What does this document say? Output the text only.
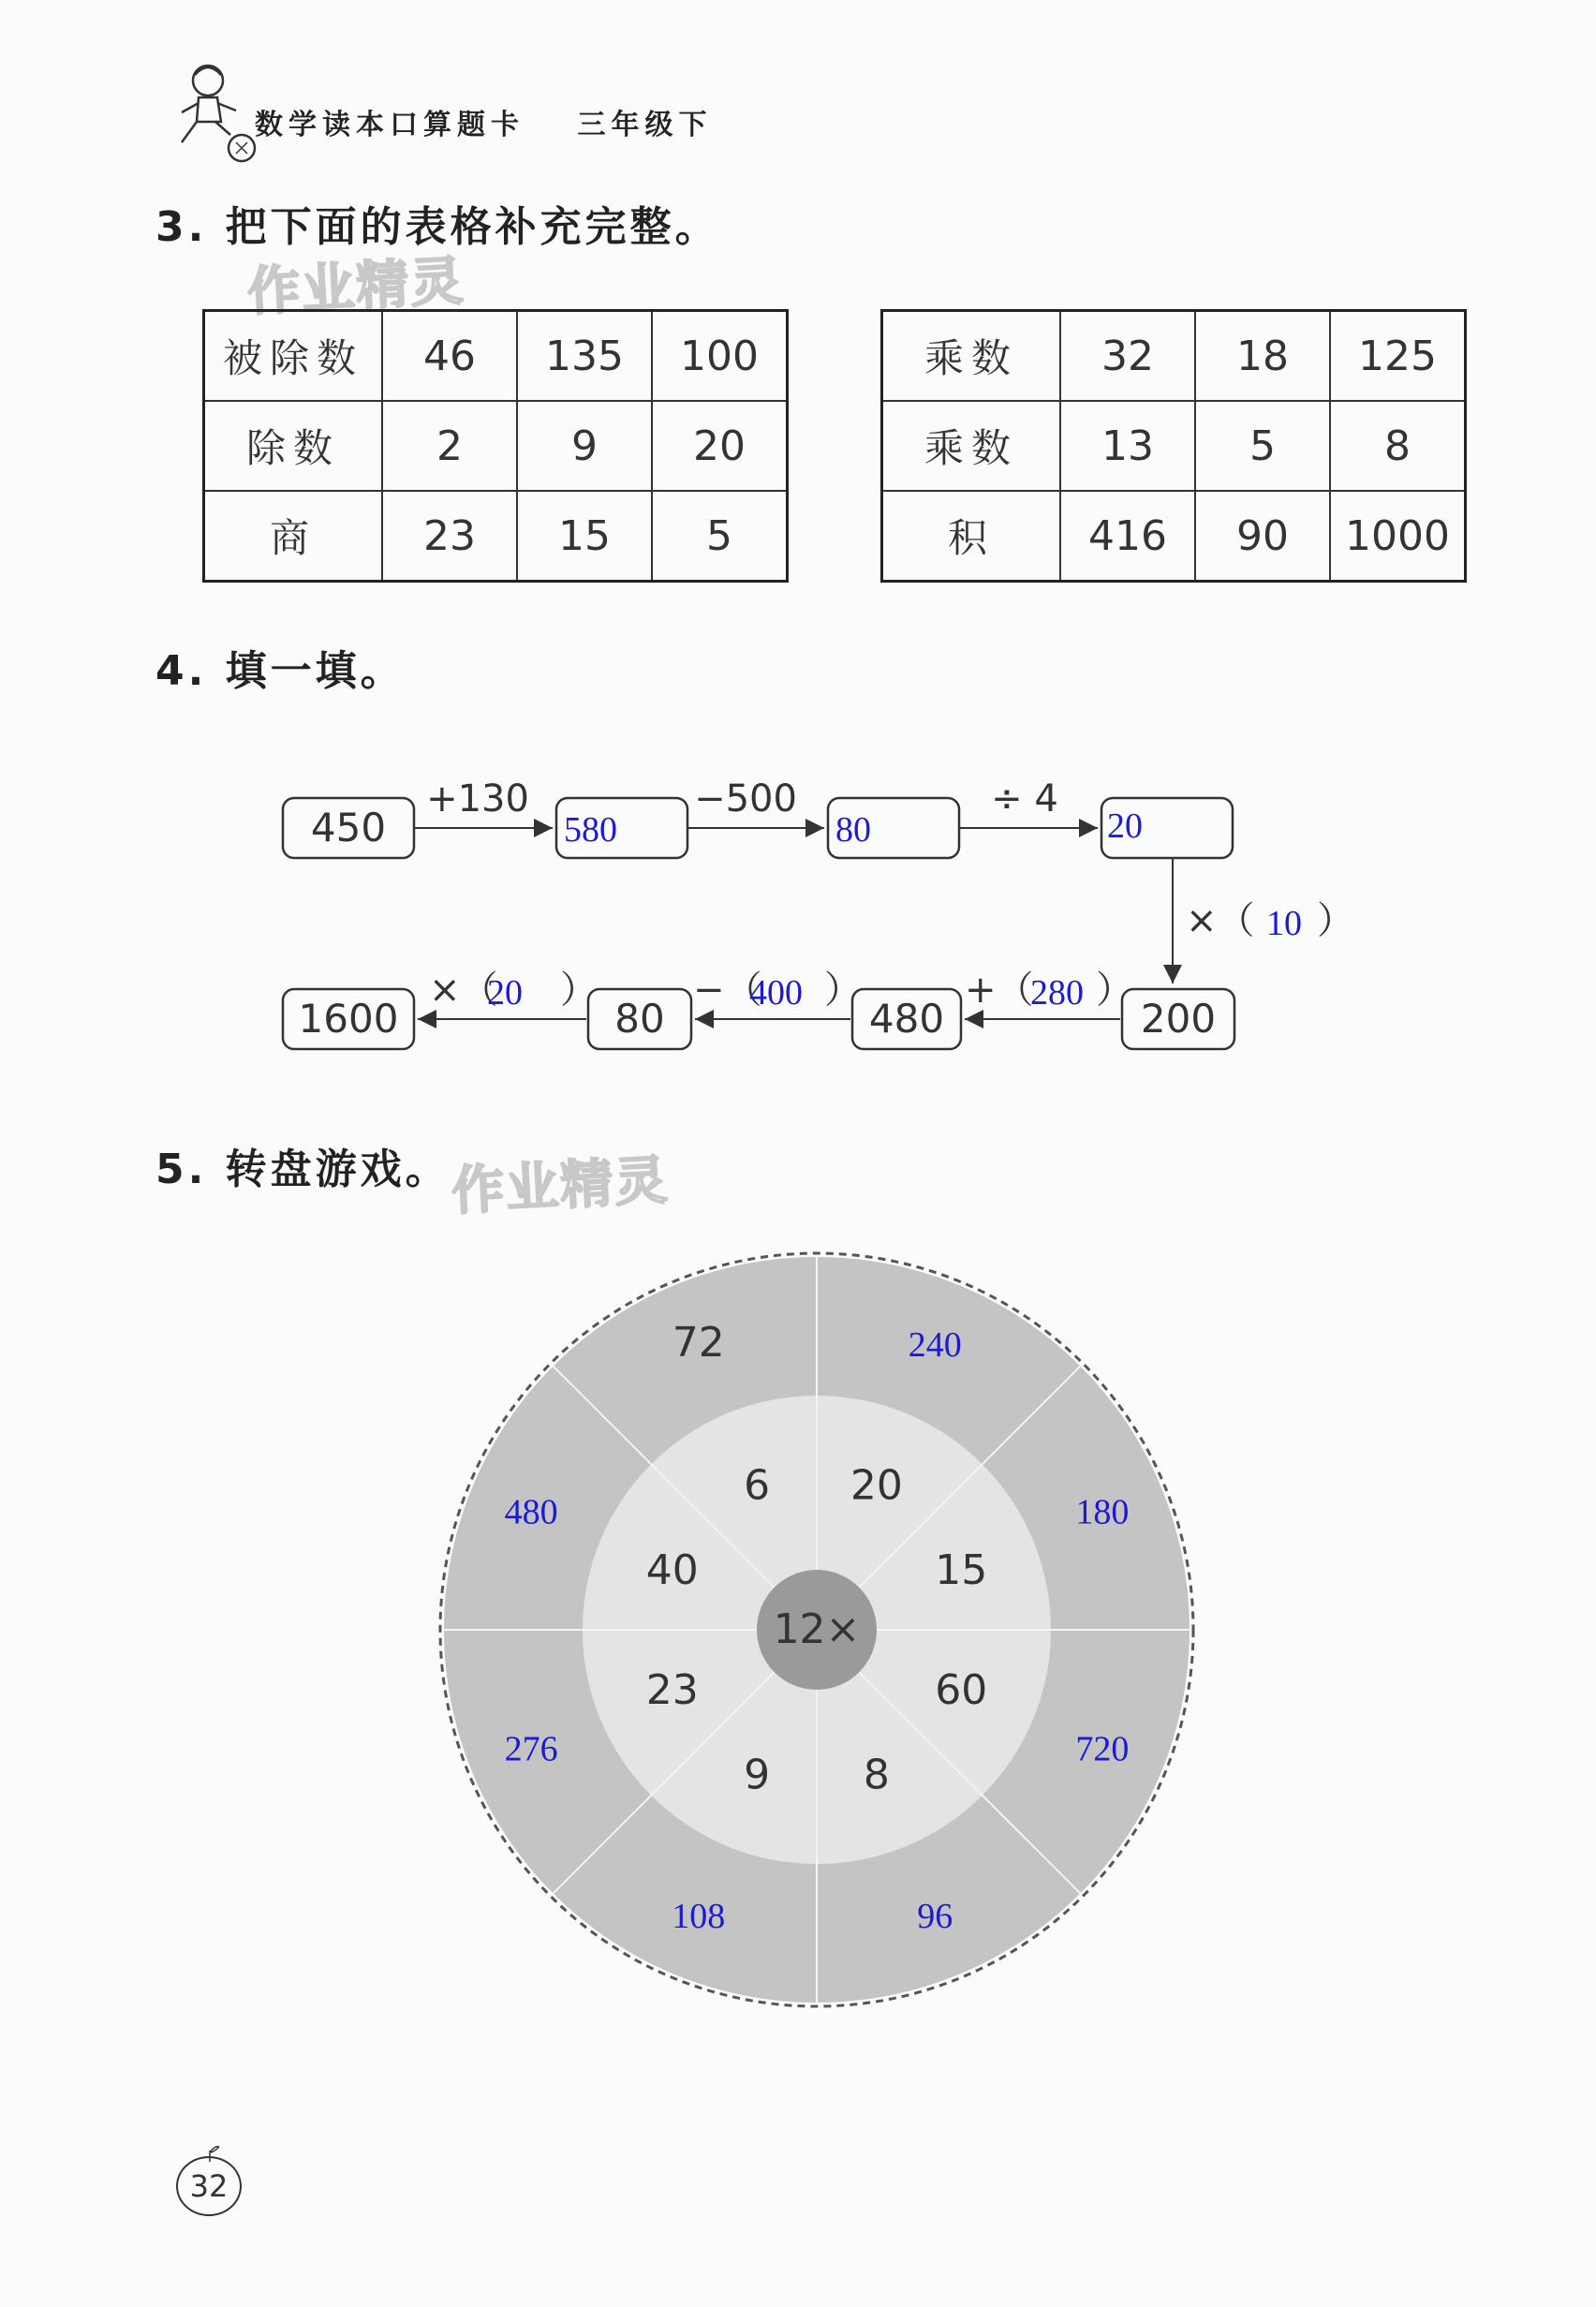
数学读本口算题卡 三年级下
3. 把下面的表格补充完整。
作业精灵
被除数	46	135	100
除数	2	9	20
商	23	15	5
乘数	32	18	125
乘数	13	5	8
积	416	90	1000
4. 填一填。
450	580	80	20
+130	−500	÷ 4
×（ 10 ）
1600	80	480	200
×（
20 ）	−（
400 ）	+（
280 ）
5. 转盘游戏。 作业精灵
12×
6 20
15
60
8
9
23
40
72	240
180
720
96
108
276
480
32
